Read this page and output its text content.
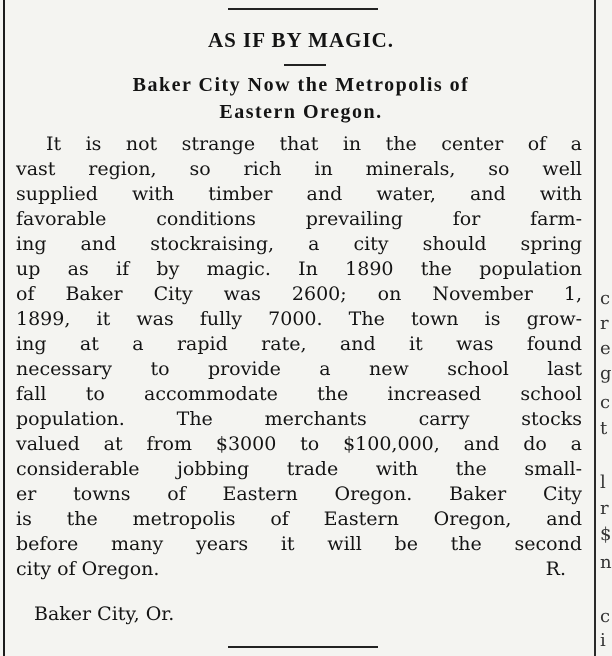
AS IF BY MAGIC.
Baker City Now the Metropolis of
Eastern Oregon.
It is not strange that in the center of a
vast region, so rich in minerals, so well
supplied with timber and water, and with
favorable conditions prevailing for farm-
ing and stockraising, a city should spring
up as if by magic. In 1890 the population
of Baker City was 2600; on November 1,
1899, it was fully 7000. The town is grow-
ing at a rapid rate, and it was found
necessary to provide a new school last
fall to accommodate the increased school
population. The merchants carry stocks
valued at from $3000 to $100,000, and do a
considerable jobbing trade with the small-
er towns of Eastern Oregon. Baker City
is the metropolis of Eastern Oregon, and
before many years it will be the second
city of Oregon.	R.
Baker City, Or.
c
r
e
g
c
t
l
r
$
n
c
i
